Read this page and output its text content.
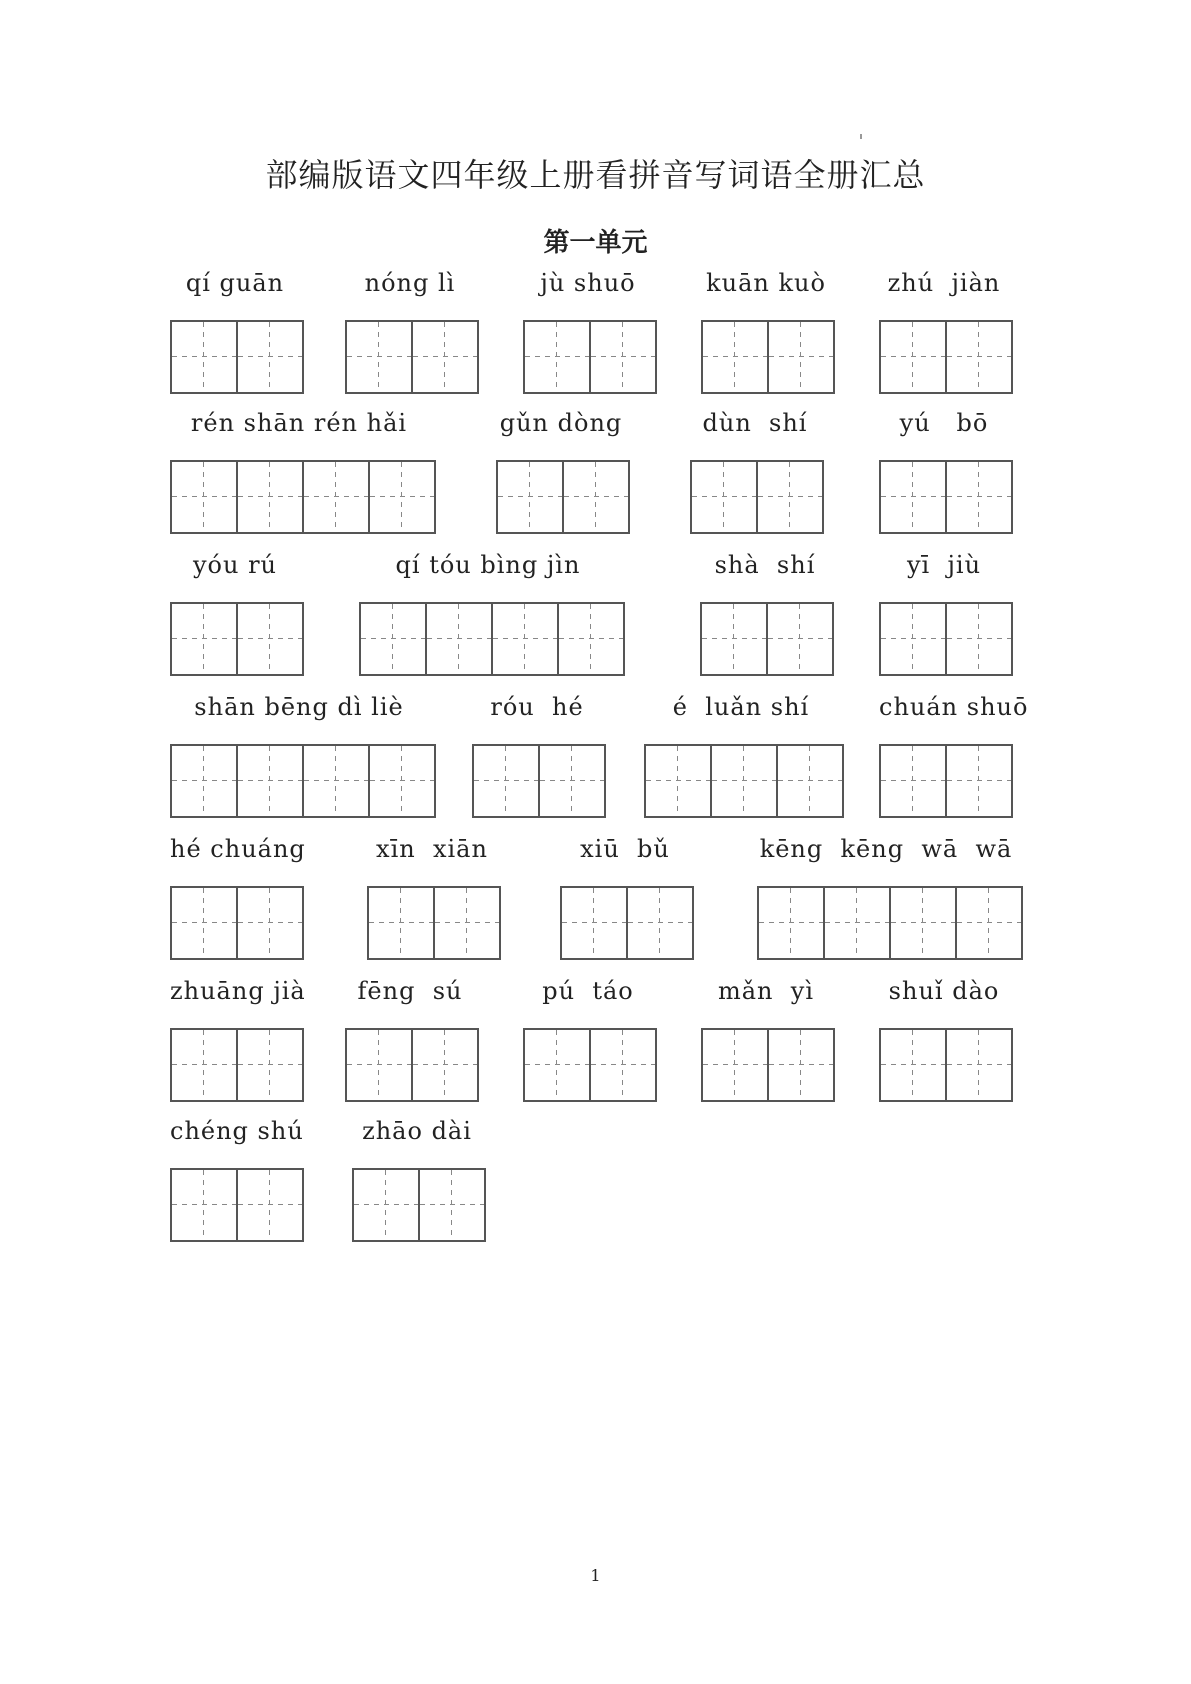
部编版语文四年级上册看拼音写词语全册汇总
第一单元
qí guān	nóng lì	jù shuō	kuān kuò	zhú  jiàn
rén shān rén hǎi	gǔn dòng	dùn  shí	yú   bō
yóu rú	qí tóu bìng jìn	shà  shí	yī  jiù
shān bēng dì liè	róu  hé	é  luǎn shí	chuán shuō
hé chuáng	xīn  xiān	xiū  bǔ	kēng  kēng  wā  wā
zhuāng jià	fēng  sú	pú  táo	mǎn  yì	shuǐ dào
chéng shú	zhāo dài
1
